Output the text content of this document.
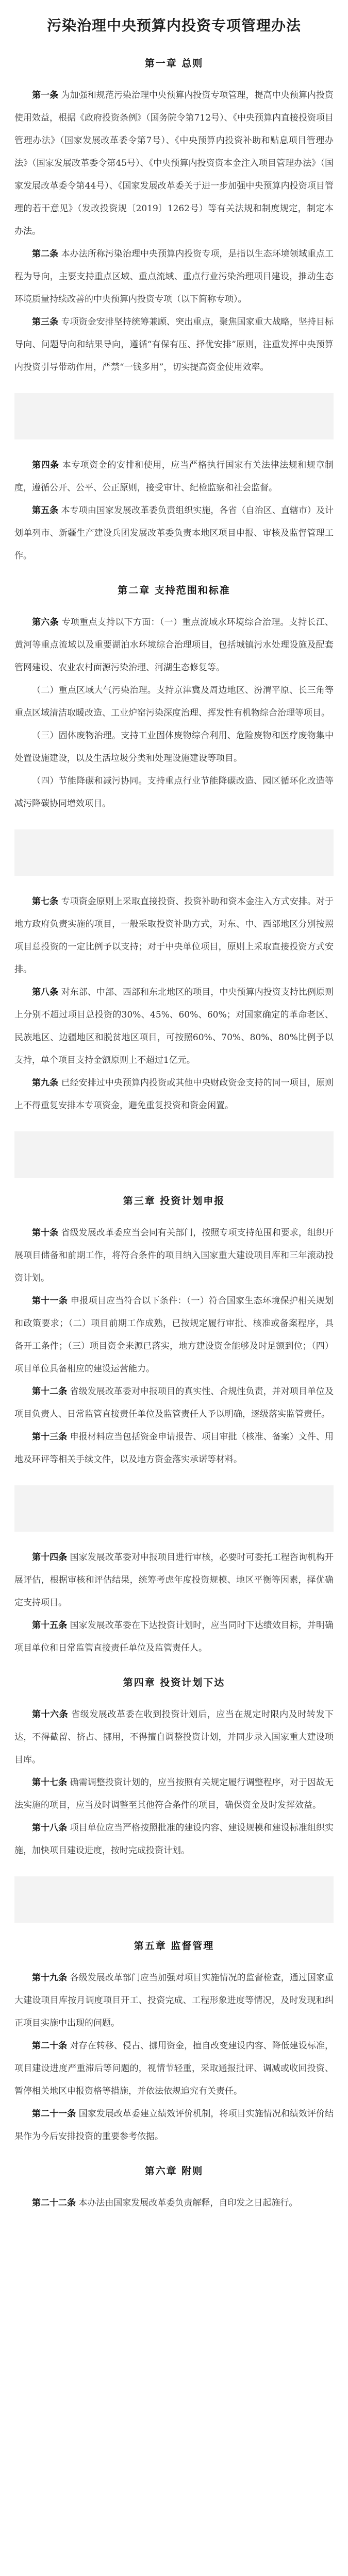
污染治理中央预算内投资专项管理办法
第一章 总则

第一条 为加强和规范污染治理中央预算内投资专项管理，提高中央预算内投资使用效益，根据《政府投资条例》（国务院令第712号）、《中央预算内直接投资项目管理办法》（国家发展改革委令第7号）、《中央预算内投资补助和贴息项目管理办法》（国家发展改革委令第45号）、《中央预算内投资资本金注入项目管理办法》（国家发展改革委令第44号）、《国家发展改革委关于进一步加强中央预算内投资项目管理的若干意见》（发改投资规〔2019〕1262号）等有关法规和制度规定，制定本办法。

第二条 本办法所称污染治理中央预算内投资专项，是指以生态环境领域重点工程为导向，主要支持重点区域、重点流域、重点行业污染治理项目建设，推动生态环境质量持续改善的中央预算内投资专项（以下简称专项）。

第三条 专项资金安排坚持统筹兼顾、突出重点，聚焦国家重大战略，坚持目标导向、问题导向和结果导向，遵循“有保有压、择优安排”原则，注重发挥中央预算内投资引导带动作用，严禁“一钱多用”，切实提高资金使用效率。

第四条 本专项资金的安排和使用，应当严格执行国家有关法律法规和规章制度，遵循公开、公平、公正原则，接受审计、纪检监察和社会监督。

第五条 本专项由国家发展改革委负责组织实施，各省（自治区、直辖市）及计划单列市、新疆生产建设兵团发展改革委负责本地区项目申报、审核及监督管理工作。

第二章 支持范围和标准

第六条 专项重点支持以下方面：（一）重点流域水环境综合治理。支持长江、黄河等重点流域以及重要湖泊水环境综合治理项目，包括城镇污水处理设施及配套管网建设、农业农村面源污染治理、河湖生态修复等。

（二）重点区域大气污染治理。支持京津冀及周边地区、汾渭平原、长三角等重点区域清洁取暖改造、工业炉窑污染深度治理、挥发性有机物综合治理等项目。

（三）固体废物治理。支持工业固体废物综合利用、危险废物和医疗废物集中处置设施建设，以及生活垃圾分类和处理设施建设等项目。

（四）节能降碳和减污协同。支持重点行业节能降碳改造、园区循环化改造等减污降碳协同增效项目。

第七条 专项资金原则上采取直接投资、投资补助和资本金注入方式安排。对于地方政府负责实施的项目，一般采取投资补助方式，对东、中、西部地区分别按照项目总投资的一定比例予以支持；对于中央单位项目，原则上采取直接投资方式安排。

第八条 对东部、中部、西部和东北地区的项目，中央预算内投资支持比例原则上分别不超过项目总投资的30%、45%、60%、60%；对国家确定的革命老区、民族地区、边疆地区和脱贫地区项目，可按照60%、70%、80%、80%比例予以支持，单个项目支持金额原则上不超过1亿元。

第九条 已经安排过中央预算内投资或其他中央财政资金支持的同一项目，原则上不得重复安排本专项资金，避免重复投资和资金闲置。

第三章 投资计划申报

第十条 省级发展改革委应当会同有关部门，按照专项支持范围和要求，组织开展项目储备和前期工作，将符合条件的项目纳入国家重大建设项目库和三年滚动投资计划。

第十一条 申报项目应当符合以下条件：（一）符合国家生态环境保护相关规划和政策要求；（二）项目前期工作成熟，已按规定履行审批、核准或备案程序，具备开工条件；（三）项目资金来源已落实，地方建设资金能够及时足额到位；（四）项目单位具备相应的建设运营能力。

第十二条 省级发展改革委对申报项目的真实性、合规性负责，并对项目单位及项目负责人、日常监管直接责任单位及监管责任人予以明确，逐级落实监管责任。

第十三条 申报材料应当包括资金申请报告、项目审批（核准、备案）文件、用地及环评等相关手续文件，以及地方资金落实承诺等材料。

第十四条 国家发展改革委对申报项目进行审核，必要时可委托工程咨询机构开展评估，根据审核和评估结果，统筹考虑年度投资规模、地区平衡等因素，择优确定支持项目。

第十五条 国家发展改革委在下达投资计划时，应当同时下达绩效目标，并明确项目单位和日常监管直接责任单位及监管责任人。

第四章 投资计划下达

第十六条 省级发展改革委在收到投资计划后，应当在规定时限内及时转发下达，不得截留、挤占、挪用，不得擅自调整投资计划，并同步录入国家重大建设项目库。

第十七条 确需调整投资计划的，应当按照有关规定履行调整程序，对于因故无法实施的项目，应当及时调整至其他符合条件的项目，确保资金及时发挥效益。

第十八条 项目单位应当严格按照批准的建设内容、建设规模和建设标准组织实施，加快项目建设进度，按时完成投资计划。

第五章 监督管理

第十九条 各级发展改革部门应当加强对项目实施情况的监督检查，通过国家重大建设项目库按月调度项目开工、投资完成、工程形象进度等情况，及时发现和纠正项目实施中出现的问题。

第二十条 对存在转移、侵占、挪用资金，擅自改变建设内容、降低建设标准，项目建设进度严重滞后等问题的，视情节轻重，采取通报批评、调减或收回投资、暂停相关地区申报资格等措施，并依法依规追究有关责任。

第二十一条 国家发展改革委建立绩效评价机制，将项目实施情况和绩效评价结果作为今后安排投资的重要参考依据。

第六章 附则

第二十二条 本办法由国家发展改革委负责解释，自印发之日起施行。
